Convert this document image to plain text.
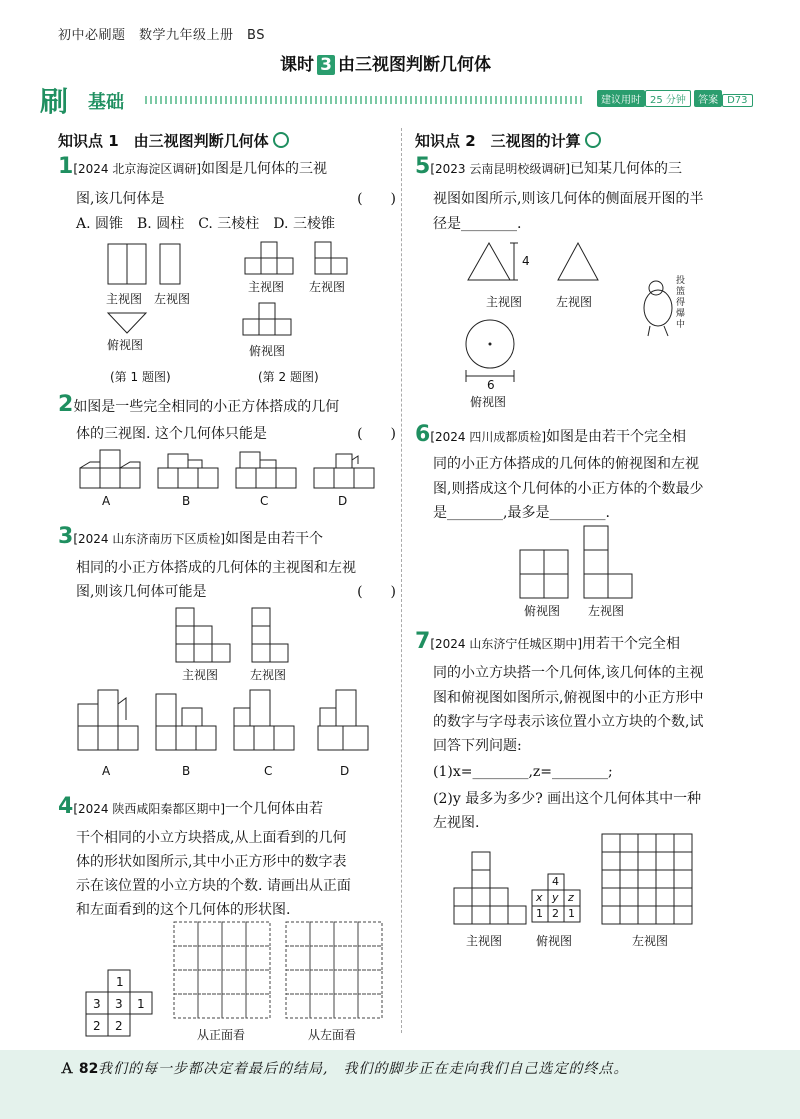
初中必刷题　数学九年级上册　BS
课时 3 由三视图判断几何体
刷 基础	建议用时 25 分钟 答案 D73
知识点 1　由三视图判断几何体
1[2024 北京海淀区调研]如图是几何体的三视
图,该几何体是	(　　)
A. 圆锥　B. 圆柱　C. 三棱柱　D. 三棱锥
主视图 左视图
俯视图
主视图 左视图
俯视图
(第 1 题图)	(第 2 题图)
2如图是一些完全相同的小正方体搭成的几何
体的三视图. 这个几何体只能是	(　　)
A	B	C	D
3[2024 山东济南历下区质检]如图是由若干个
相同的小正方体搭成的几何体的主视图和左视
图,则该几何体可能是	(　　)
主视图	左视图
A	B	C	D
4[2024 陕西咸阳秦都区期中]一个几何体由若
干个相同的小立方块搭成,从上面看到的几何
体的形状如图所示,其中小正方形中的数字表
示在该位置的小立方块的个数. 请画出从正面
和左面看到的这个几何体的形状图.
1
3 3 1
2 2
从正面看	从左面看
知识点 2　三视图的计算
5[2023 云南昆明校级调研]已知某几何体的三
视图如图所示,则该几何体的侧面展开图的半
径是________.
4
6
主视图	左视图
俯视图
投篮得爆中
6[2024 四川成都质检]如图是由若干个完全相
同的小正方体搭成的几何体的俯视图和左视
图,则搭成这个几何体的小正方体的个数最少
是________,最多是________.
俯视图 左视图
7[2024 山东济宁任城区期中]用若干个完全相
同的小立方块搭一个几何体,该几何体的主视
图和俯视图如图所示,俯视图中的小正方形中
的数字与字母表示该位置小立方块的个数,试
回答下列问题:
(1)x=________,z=________;
(2)y 最多为多少? 画出这个几何体其中一种
左视图.
4
x y z
1 2 1
主视图	俯视图	左视图
Ａ 82 我们的每一步都决定着最后的结局,　我们的脚步正在走向我们自己选定的终点。
